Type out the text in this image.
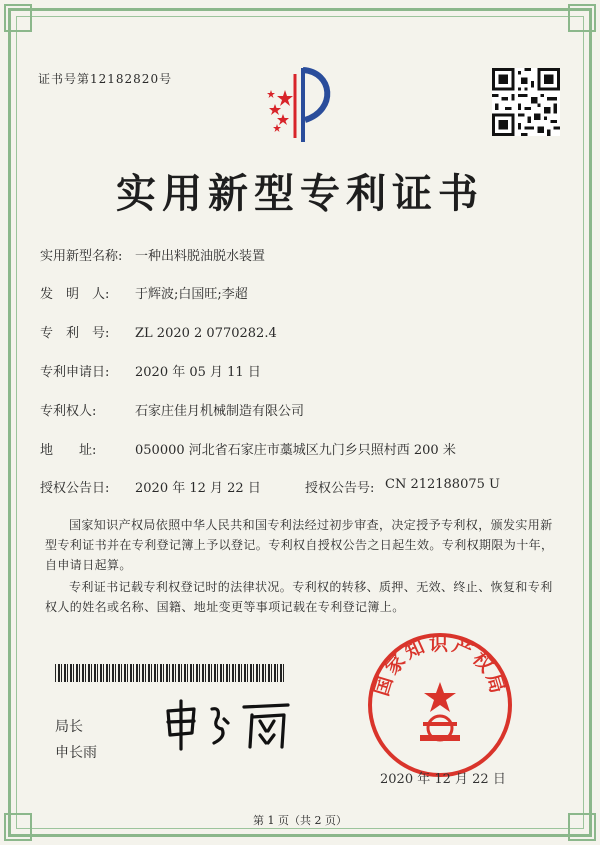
证书号第12182820号
实用新型专利证书
实用新型名称: 一种出料脱油脱水装置
发　明　人: 于辉波;白国旺;李超
专　利　号: ZL 2020 2 0770282.4
专利申请日: 2020 年 05 月 11 日
专利权人:	石家庄佳月机械制造有限公司
地　　址:	050000 河北省石家庄市藁城区九门乡只照村西 200 米
授权公告日: 2020 年 12 月 22 日	授权公告号: CN 212188075 U
国家知识产权局依照中华人民共和国专利法经过初步审查，决定授予专利权，颁发实用新型专利证书并在专利登记簿上予以登记。专利权自授权公告之日起生效。专利权期限为十年，自申请日起算。
专利证书记载专利权登记时的法律状况。专利权的转移、质押、无效、终止、恢复和专利权人的姓名或名称、国籍、地址变更等事项记载在专利登记簿上。
局长
申长雨
国家知识产权局
2020 年 12 月 22 日
第 1 页（共 2 页）
